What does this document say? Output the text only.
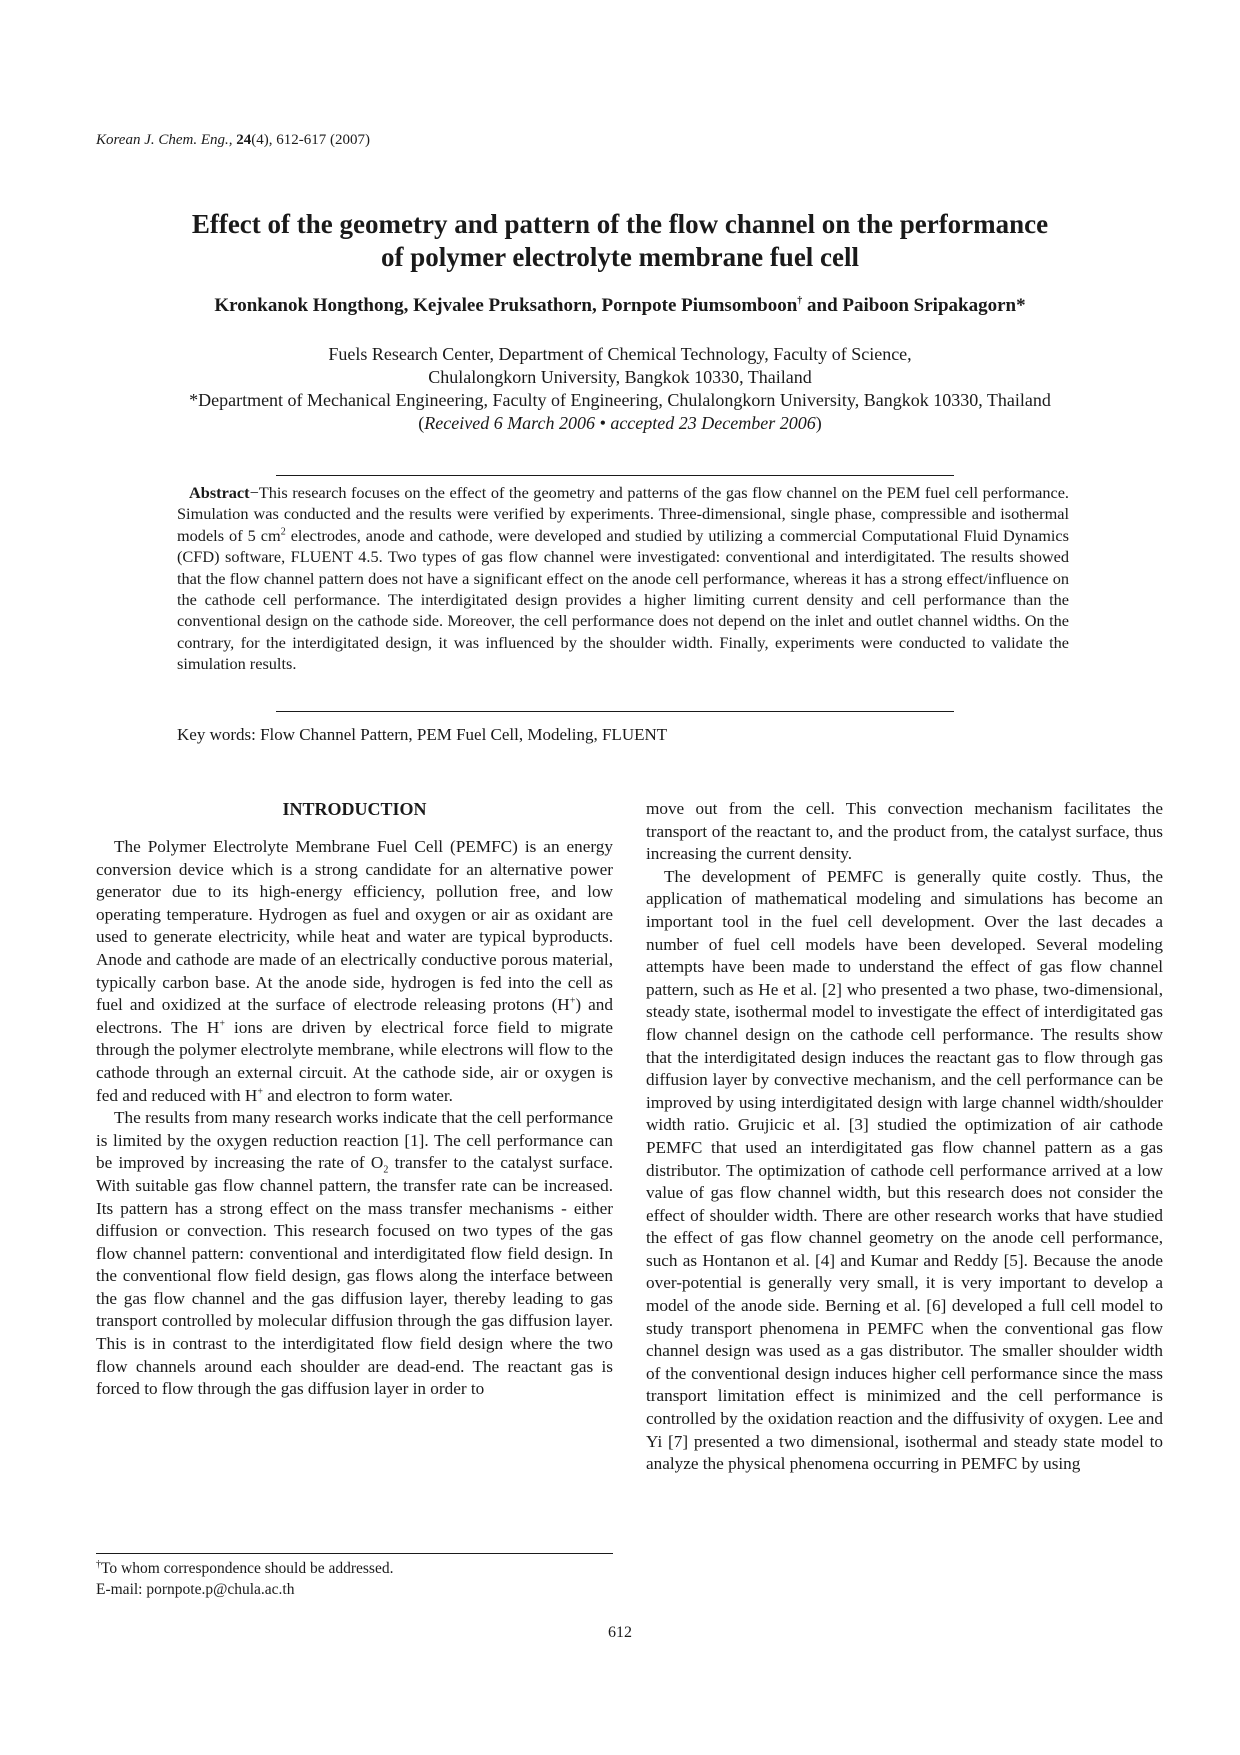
Korean J. Chem. Eng., 24(4), 612-617 (2007)
Effect of the geometry and pattern of the flow channel on the performance
of polymer electrolyte membrane fuel cell
Kronkanok Hongthong, Kejvalee Pruksathorn, Pornpote Piumsomboon† and Paiboon Sripakagorn*
Fuels Research Center, Department of Chemical Technology, Faculty of Science,
Chulalongkorn University, Bangkok 10330, Thailand
*Department of Mechanical Engineering, Faculty of Engineering, Chulalongkorn University, Bangkok 10330, Thailand
(Received 6 March 2006 • accepted 23 December 2006)
Abstract−This research focuses on the effect of the geometry and patterns of the gas flow channel on the PEM fuel cell performance. Simulation was conducted and the results were verified by experiments. Three-dimensional, single phase, compressible and isothermal models of 5 $cm^2$ electrodes, anode and cathode, were developed and studied by utilizing a commercial Computational Fluid Dynamics (CFD) software, FLUENT 4.5. Two types of gas flow channel were investigated: conventional and interdigitated. The results showed that the flow channel pattern does not have a significant effect on the anode cell performance, whereas it has a strong effect/influence on the cathode cell performance. The interdigitated design provides a higher limiting current density and cell performance than the conventional design on the cathode side. Moreover, the cell performance does not depend on the inlet and outlet channel widths. On the contrary, for the interdigitated design, it was influenced by the shoulder width. Finally, experiments were conducted to validate the simulation results.
Key words: Flow Channel Pattern, PEM Fuel Cell, Modeling, FLUENT
INTRODUCTION

The Polymer Electrolyte Membrane Fuel Cell (PEMFC) is an energy conversion device which is a strong candidate for an alternative power generator due to its high-energy efficiency, pollution free, and low operating temperature. Hydrogen as fuel and oxygen or air as oxidant are used to generate electricity, while heat and water are typical byproducts. Anode and cathode are made of an electrically conductive porous material, typically carbon base. At the anode side, hydrogen is fed into the cell as fuel and oxidized at the surface of electrode releasing protons (H+) and electrons. The H+ ions are driven by electrical force field to migrate through the polymer electrolyte membrane, while electrons will flow to the cathode through an external circuit. At the cathode side, air or oxygen is fed and reduced with H+ and electron to form water.

The results from many research works indicate that the cell performance is limited by the oxygen reduction reaction [1]. The cell performance can be improved by increasing the rate of $O_2$ transfer to the catalyst surface. With suitable gas flow channel pattern, the transfer rate can be increased. Its pattern has a strong effect on the mass transfer mechanisms - either diffusion or convection. This research focused on two types of the gas flow channel pattern: conventional and interdigitated flow field design. In the conventional flow field design, gas flows along the interface between the gas flow channel and the gas diffusion layer, thereby leading to gas transport controlled by molecular diffusion through the gas diffusion layer. This is in contrast to the interdigitated flow field design where the two flow channels around each shoulder are dead-end. The reactant gas is forced to flow through the gas diffusion layer in order to

†To whom correspondence should be addressed.
E-mail: pornpote.p@chula.ac.th

move out from the cell. This convection mechanism facilitates the transport of the reactant to, and the product from, the catalyst surface, thus increasing the current density.

The development of PEMFC is generally quite costly. Thus, the application of mathematical modeling and simulations has become an important tool in the fuel cell development. Over the last decades a number of fuel cell models have been developed. Several modeling attempts have been made to understand the effect of gas flow channel pattern, such as He et al. [2] who presented a two phase, two-dimensional, steady state, isothermal model to investigate the effect of interdigitated gas flow channel design on the cathode cell performance. The results show that the interdigitated design induces the reactant gas to flow through gas diffusion layer by convective mechanism, and the cell performance can be improved by using interdigitated design with large channel width/shoulder width ratio. Grujicic et al. [3] studied the optimization of air cathode PEMFC that used an interdigitated gas flow channel pattern as a gas distributor. The optimization of cathode cell performance arrived at a low value of gas flow channel width, but this research does not consider the effect of shoulder width. There are other research works that have studied the effect of gas flow channel geometry on the anode cell performance, such as Hontanon et al. [4] and Kumar and Reddy [5]. Because the anode over-potential is generally very small, it is very important to develop a model of the anode side. Berning et al. [6] developed a full cell model to study transport phenomena in PEMFC when the conventional gas flow channel design was used as a gas distributor. The smaller shoulder width of the conventional design induces higher cell performance since the mass transport limitation effect is minimized and the cell performance is controlled by the oxidation reaction and the diffusivity of oxygen. Lee and Yi [7] presented a two dimensional, isothermal and steady state model to analyze the physical phenomena occurring in PEMFC by using

612
